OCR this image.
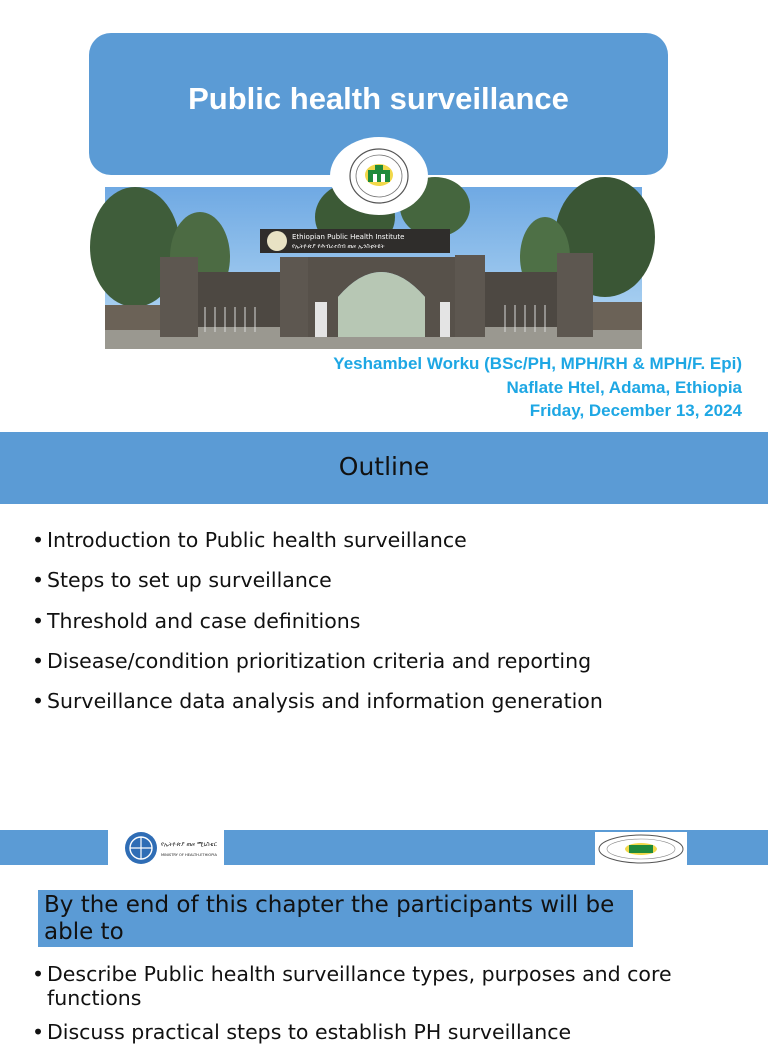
Public health surveillance
Ethiopian Public Health Institute
የኢትዮጵያ የሕብረተሰብ ጤና ኢንስቲትዩት
Yeshambel Worku (BSc/PH, MPH/RH & MPH/F. Epi)
Naflate Htel, Adama, Ethiopia
Friday, December 13, 2024
Outline
• Introduction to Public health surveillance
• Steps to set up surveillance
• Threshold and case definitions
• Disease/condition prioritization criteria and reporting
• Surveillance data analysis and information generation
የኢትዮጵያ ጤና ሚኒስቴር
MINISTRY OF HEALTH-ETHIOPIA
By the end of this chapter the participants will be able to
• Describe Public health surveillance types, purposes and core functions
• Discuss practical steps to establish PH surveillance
